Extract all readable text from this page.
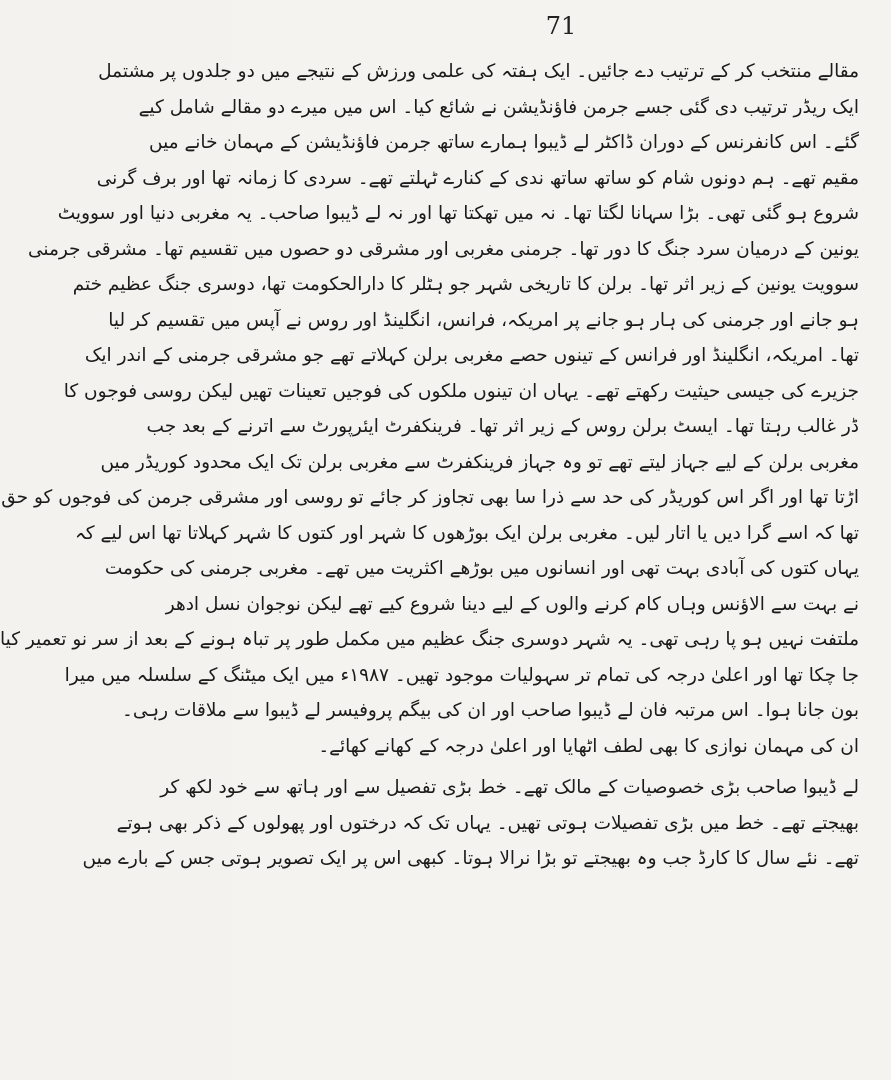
71
مقالے منتخب کر کے ترتیب دے جائیں۔ ایک ہفتہ کی علمی ورزش کے نتیجے میں دو جلدوں پر مشتمل
ایک ریڈر ترتیب دی گئی جسے جرمن فاؤنڈیشن نے شائع کیا۔ اس میں میرے دو مقالے شامل کیے
گئے۔ اس کانفرنس کے دوران ڈاکٹر لے ڈیبوا ہمارے ساتھ جرمن فاؤنڈیشن کے مہمان خانے میں
مقیم تھے۔ ہم دونوں شام کو ساتھ ساتھ ندی کے کنارے ٹہلتے تھے۔ سردی کا زمانہ تھا اور برف گرنی
شروع ہو گئی تھی۔ بڑا سہانا لگتا تھا۔ نہ میں تھکتا تھا اور نہ لے ڈیبوا صاحب۔ یہ مغربی دنیا اور سوویٹ
یونین کے درمیان سرد جنگ کا دور تھا۔ جرمنی مغربی اور مشرقی دو حصوں میں تقسیم تھا۔ مشرقی جرمنی
سوویت یونین کے زیر اثر تھا۔ برلن کا تاریخی شہر جو ہٹلر کا دارالحکومت تھا، دوسری جنگ عظیم ختم
ہو جانے اور جرمنی کی ہار ہو جانے پر امریکہ، فرانس، انگلینڈ اور روس نے آپس میں تقسیم کر لیا
تھا۔ امریکہ، انگلینڈ اور فرانس کے تینوں حصے مغربی برلن کہلاتے تھے جو مشرقی جرمنی کے اندر ایک
جزیرے کی جیسی حیثیت رکھتے تھے۔ یہاں ان تینوں ملکوں کی فوجیں تعینات تھیں لیکن روسی فوجوں کا
ڈر غالب رہتا تھا۔ ایسٹ برلن روس کے زیر اثر تھا۔ فرینکفرٹ ایئرپورٹ سے اترنے کے بعد جب
مغربی برلن کے لیے جہاز لیتے تھے تو وہ جہاز فرینکفرٹ سے مغربی برلن تک ایک محدود کوریڈر میں
اڑتا تھا اور اگر اس کوریڈر کی حد سے ذرا سا بھی تجاوز کر جائے تو روسی اور مشرقی جرمن کی فوجوں کو حق
تھا کہ اسے گرا دیں یا اتار لیں۔ مغربی برلن ایک بوڑھوں کا شہر اور کتوں کا شہر کہلاتا تھا اس لیے کہ
یہاں کتوں کی آبادی بہت تھی اور انسانوں میں بوڑھے اکثریت میں تھے۔ مغربی جرمنی کی حکومت
نے بہت سے الاؤنس وہاں کام کرنے والوں کے لیے دینا شروع کیے تھے لیکن نوجوان نسل ادھر
ملتفت نہیں ہو پا رہی تھی۔ یہ شہر دوسری جنگ عظیم میں مکمل طور پر تباہ ہونے کے بعد از سر نو تعمیر کیا
جا چکا تھا اور اعلیٰ درجہ کی تمام تر سہولیات موجود تھیں۔ ۱۹۸۷ء میں ایک میٹنگ کے سلسلہ میں میرا
بون جانا ہوا۔ اس مرتبہ فان لے ڈیبوا صاحب اور ان کی بیگم پروفیسر لے ڈیبوا سے ملاقات رہی۔
ان کی مہمان نوازی کا بھی لطف اٹھایا اور اعلیٰ درجہ کے کھانے کھائے۔
لے ڈیبوا صاحب بڑی خصوصیات کے مالک تھے۔ خط بڑی تفصیل سے اور ہاتھ سے خود لکھ کر
بھیجتے تھے۔ خط میں بڑی تفصیلات ہوتی تھیں۔ یہاں تک کہ درختوں اور پھولوں کے ذکر بھی ہوتے
تھے۔ نئے سال کا کارڈ جب وہ بھیجتے تو بڑا نرالا ہوتا۔ کبھی اس پر ایک تصویر ہوتی جس کے بارے میں
